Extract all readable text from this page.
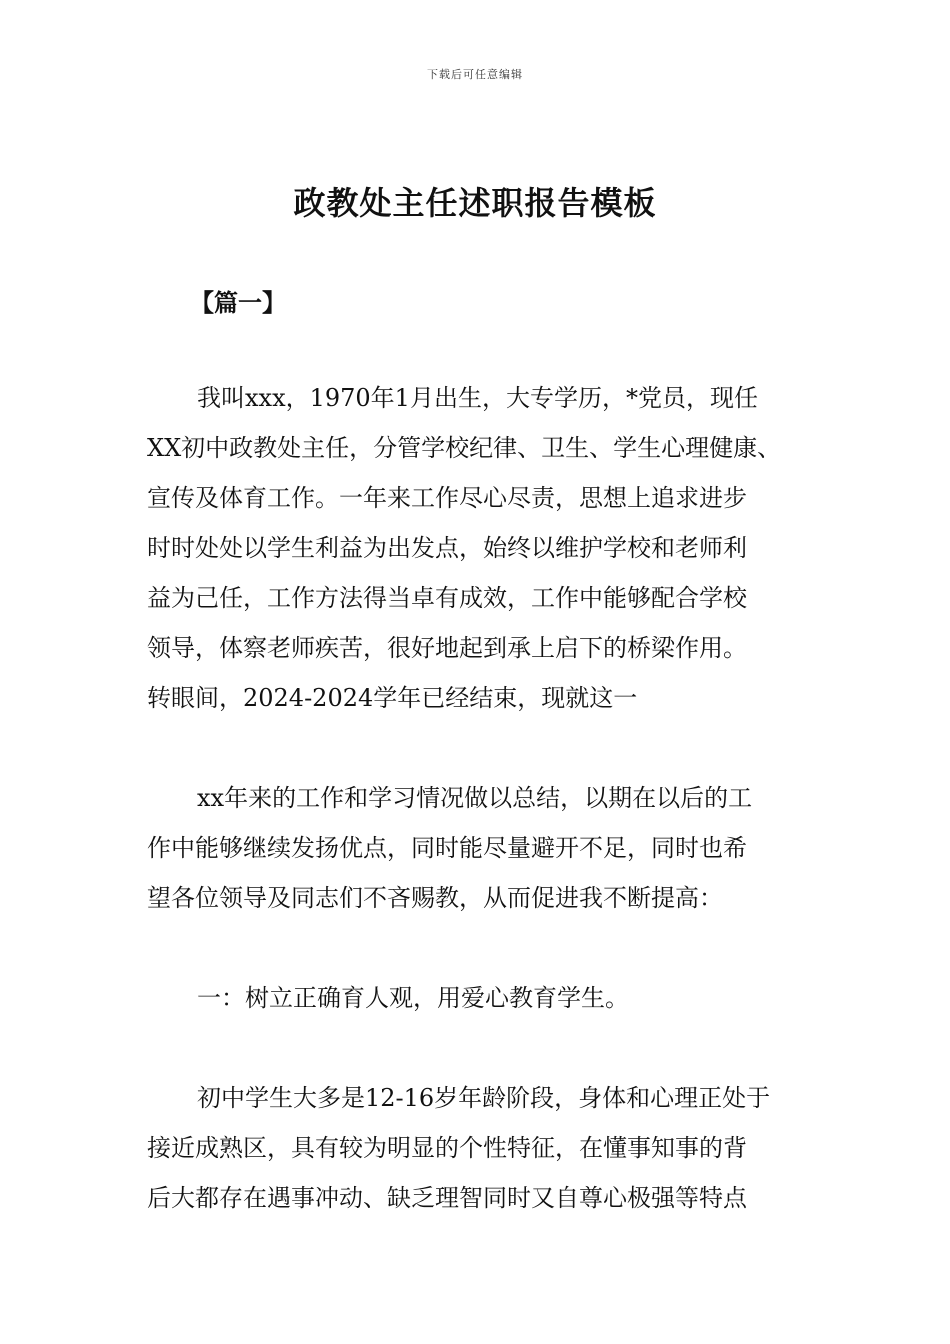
下载后可任意编辑
政教处主任述职报告模板
【篇一】
我叫xxx，1970年1月出生，大专学历，*党员，现任
XX初中政教处主任，分管学校纪律、卫生、学生心理健康、
宣传及体育工作。一年来工作尽心尽责，思想上追求进步
时时处处以学生利益为出发点，始终以维护学校和老师利
益为己任，工作方法得当卓有成效，工作中能够配合学校
领导，体察老师疾苦，很好地起到承上启下的桥梁作用。
转眼间，2024-2024学年已经结束，现就这一
xx年来的工作和学习情况做以总结，以期在以后的工
作中能够继续发扬优点，同时能尽量避开不足，同时也希
望各位领导及同志们不吝赐教，从而促进我不断提高：
一：树立正确育人观，用爱心教育学生。
初中学生大多是12-16岁年龄阶段，身体和心理正处于
接近成熟区，具有较为明显的个性特征，在懂事知事的背
后大都存在遇事冲动、缺乏理智同时又自尊心极强等特点
